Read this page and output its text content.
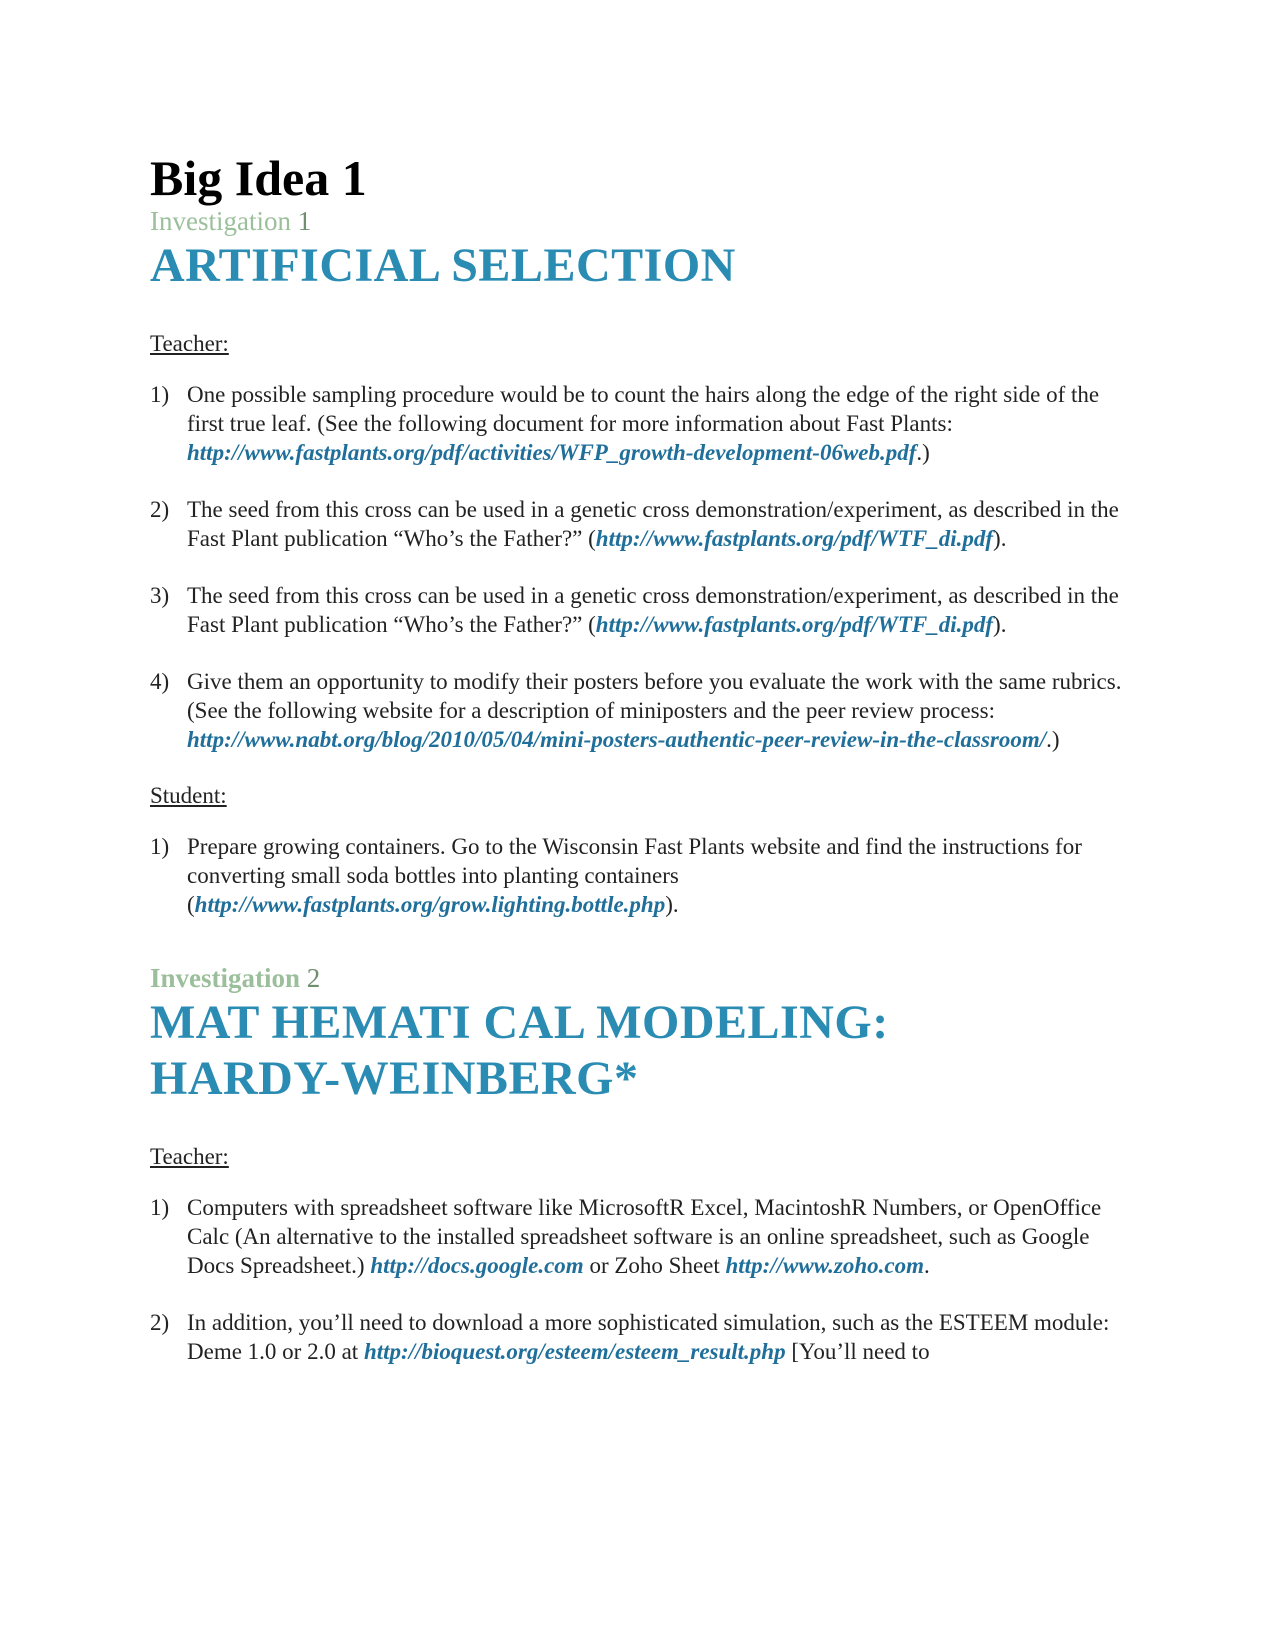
Big Idea 1

Investigation 1

ARTIFICIAL SELECTION

Teacher:

1) One possible sampling procedure would be to count the hairs along the edge of the right side of the first true leaf. (See the following document for more information about Fast Plants: http://www.fastplants.org/pdf/activities/WFP_growth-development-06web.pdf.)
2) The seed from this cross can be used in a genetic cross demonstration/experiment, as described in the Fast Plant publication “Who’s the Father?” (http://www.fastplants.org/pdf/WTF_di.pdf).
3) The seed from this cross can be used in a genetic cross demonstration/experiment, as described in the Fast Plant publication “Who’s the Father?” (http://www.fastplants.org/pdf/WTF_di.pdf).
4) Give them an opportunity to modify their posters before you evaluate the work with the same rubrics. (See the following website for a description of miniposters and the peer review process: http://www.nabt.org/blog/2010/05/04/mini-posters-authentic-peer-review-in-the-classroom/.)

Student:

1) Prepare growing containers. Go to the Wisconsin Fast Plants website and find the instructions for converting small soda bottles into planting containers (http://www.fastplants.org/grow.lighting.bottle.php).

Investigation 2

MAT HEMATI CAL MODELING:
HARDY-WEINBERG*

Teacher:

1) Computers with spreadsheet software like MicrosoftR Excel, MacintoshR Numbers, or OpenOffice Calc (An alternative to the installed spreadsheet software is an online spreadsheet, such as Google Docs Spreadsheet.) http://docs.google.com or Zoho Sheet http://www.zoho.com.
2) In addition, you’ll need to download a more sophisticated simulation, such as the ESTEEM module: Deme 1.0 or 2.0 at http://bioquest.org/esteem/esteem_result.php [You’ll need to
